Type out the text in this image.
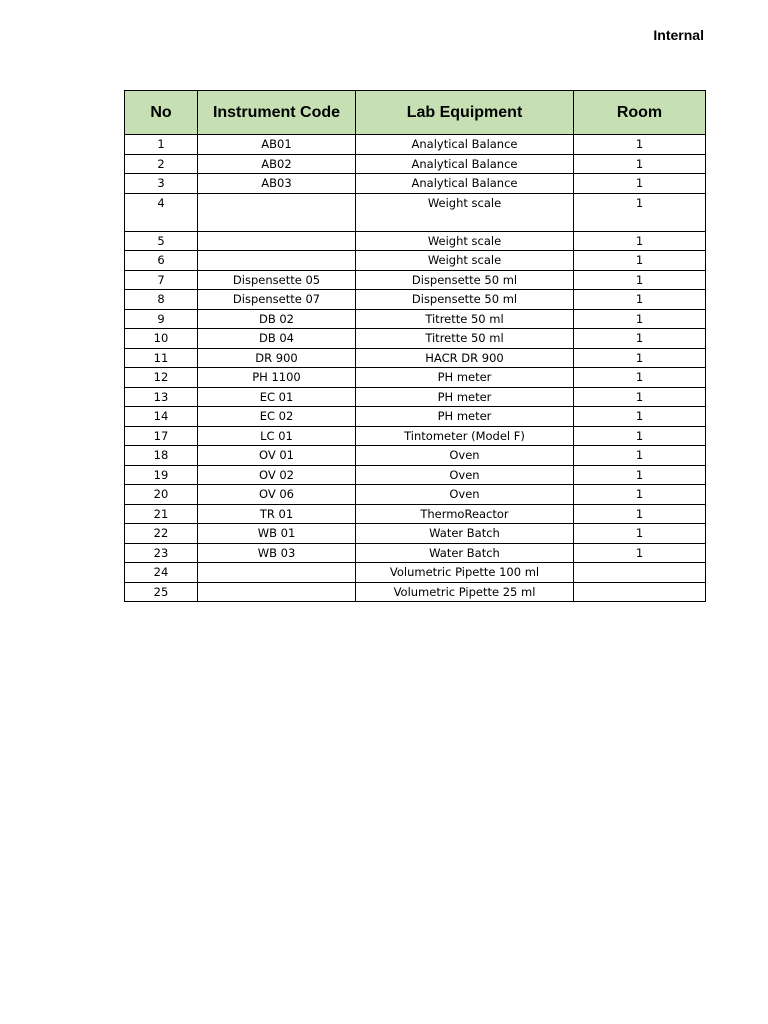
Internal
No	Instrument Code	Lab Equipment	Room
1	AB01	Analytical Balance	1
2	AB02	Analytical Balance	1
3	AB03	Analytical Balance	1
4		Weight scale	1
5		Weight scale	1
6		Weight scale	1
7	Dispensette 05	Dispensette 50 ml	1
8	Dispensette 07	Dispensette 50 ml	1
9	DB 02	Titrette 50 ml	1
10	DB 04	Titrette 50 ml	1
11	DR 900	HACR DR 900	1
12	PH 1100	PH meter	1
13	EC 01	PH meter	1
14	EC 02	PH meter	1
17	LC 01	Tintometer (Model F)	1
18	OV 01	Oven	1
19	OV 02	Oven	1
20	OV 06	Oven	1
21	TR 01	ThermoReactor	1
22	WB 01	Water Batch	1
23	WB 03	Water Batch	1
24		Volumetric Pipette 100 ml	
25		Volumetric Pipette 25 ml	
